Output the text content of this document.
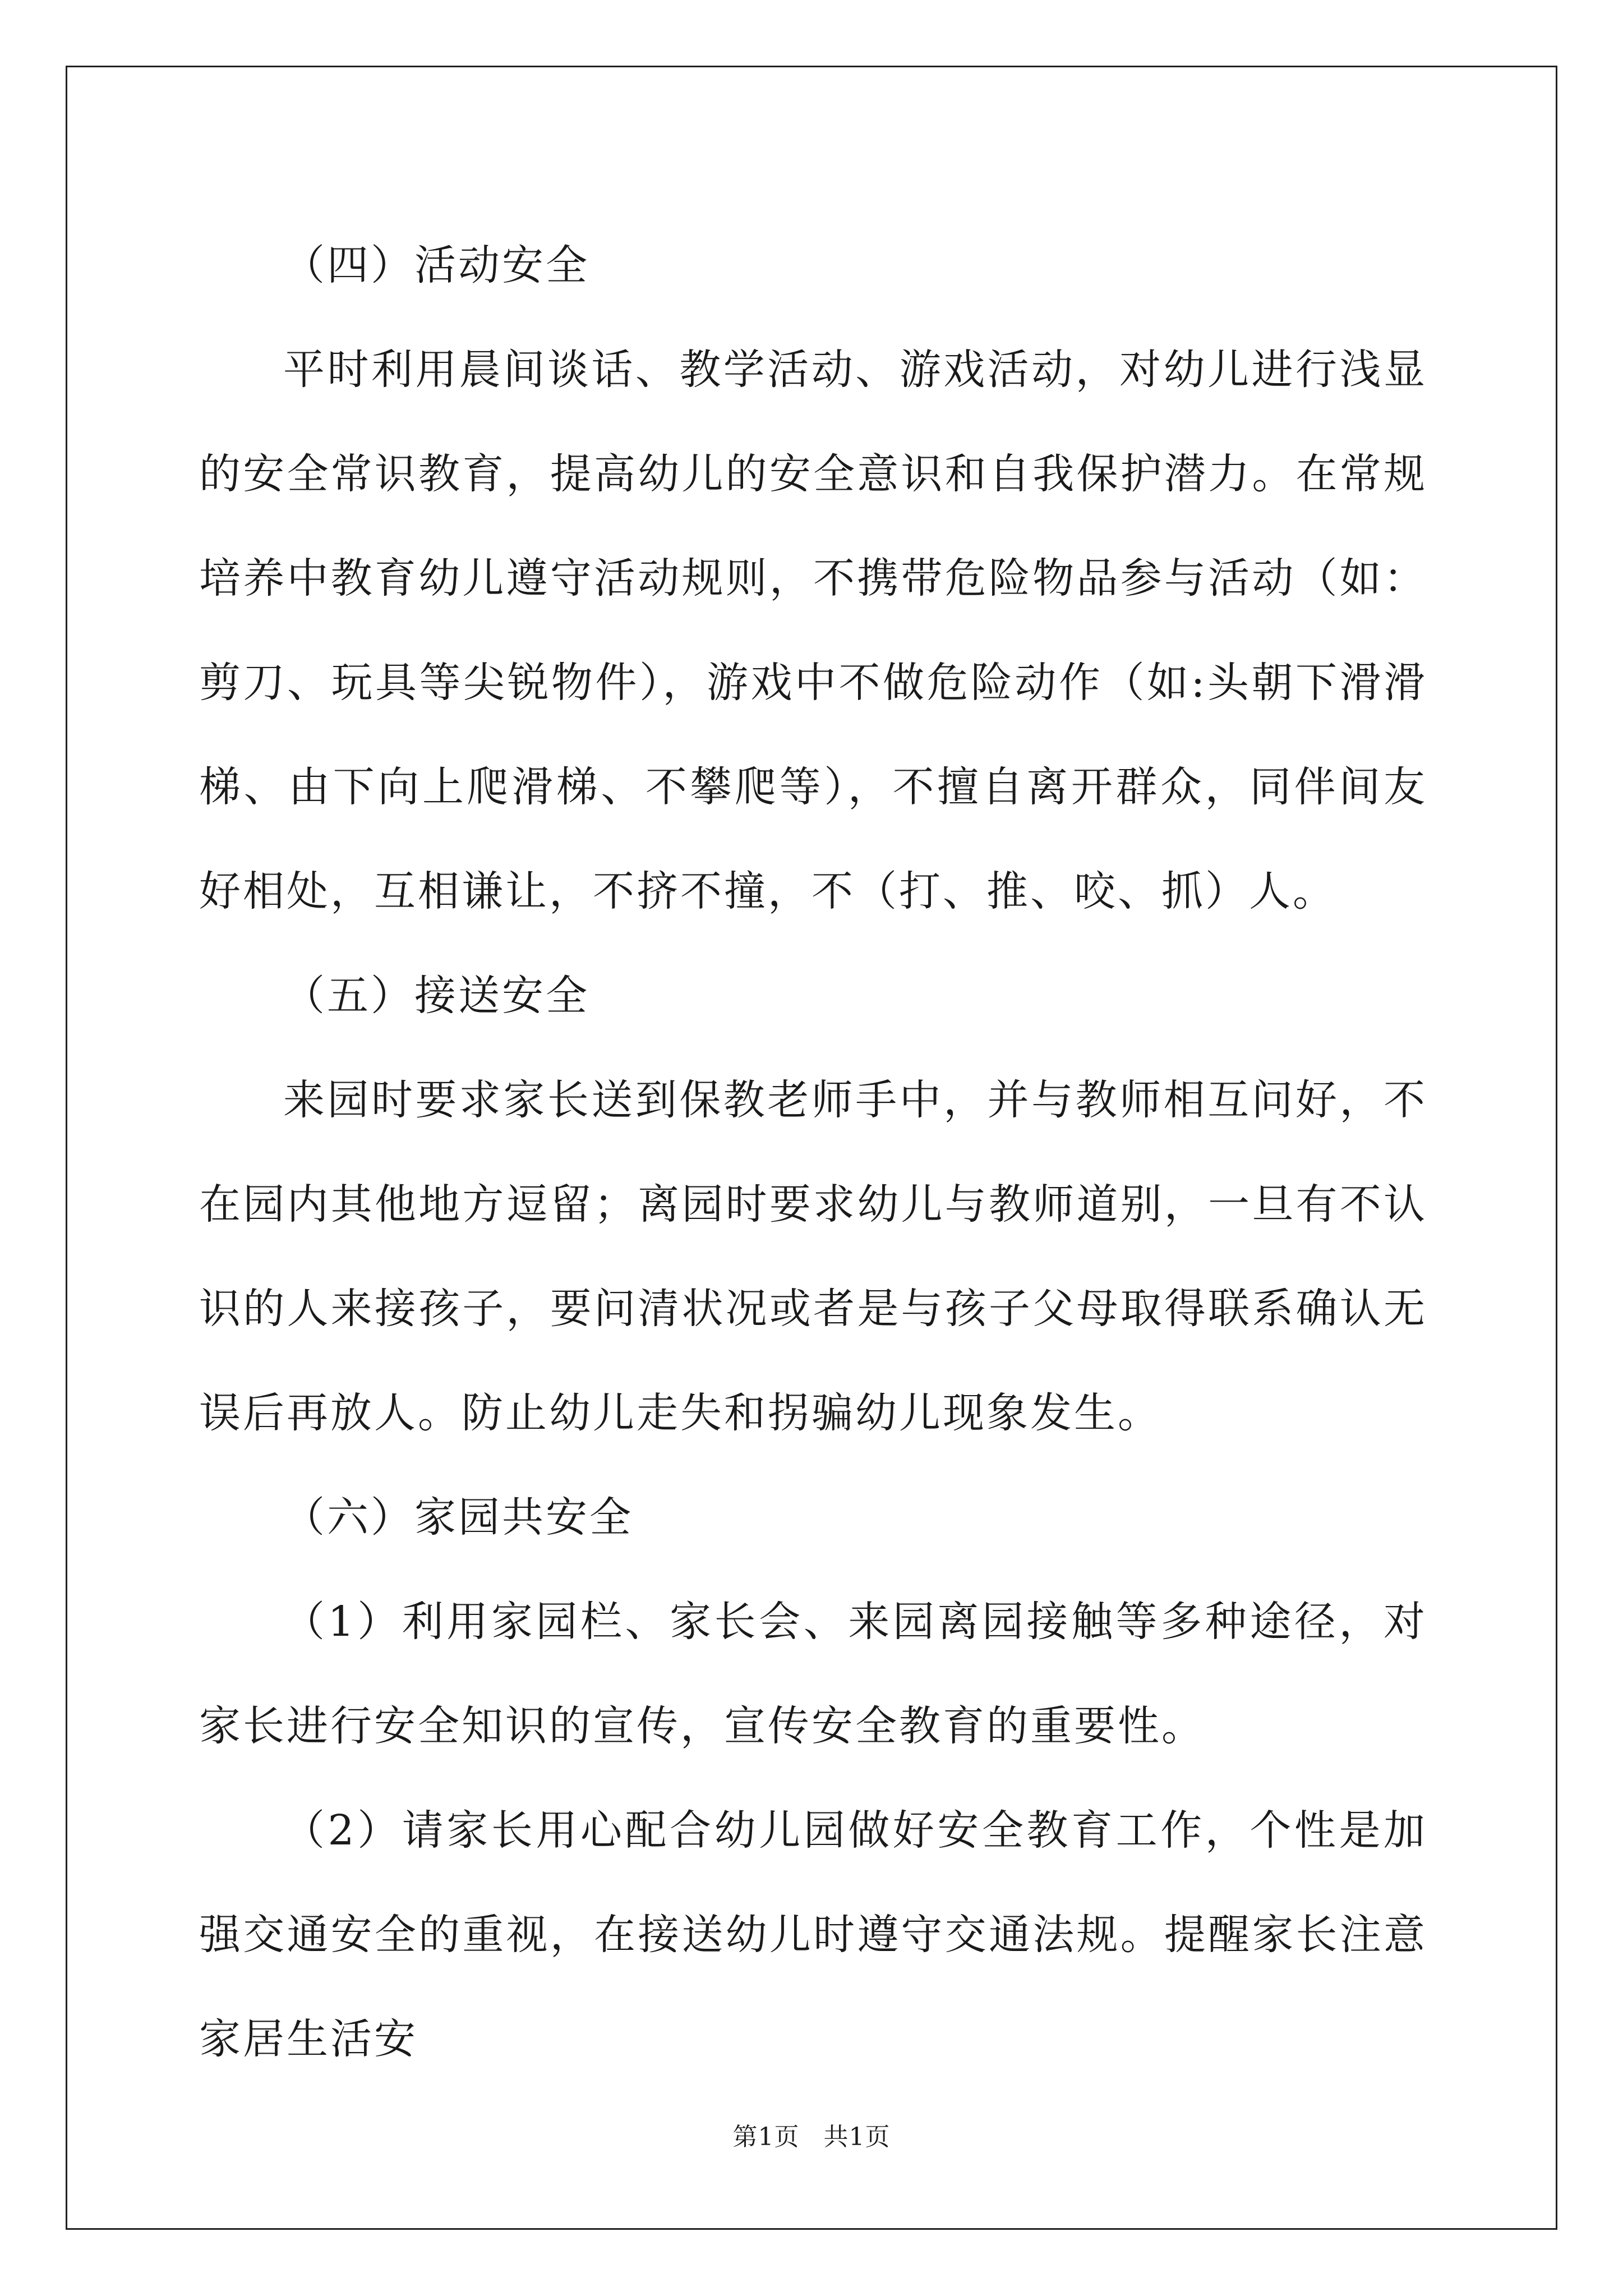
（四）活动安全

平时利用晨间谈话、教学活动、游戏活动，对幼儿进行浅显的安全常识教育，提高幼儿的安全意识和自我保护潜力。在常规培养中教育幼儿遵守活动规则，不携带危险物品参与活动（如：剪刀、玩具等尖锐物件），游戏中不做危险动作（如:头朝下滑滑梯、由下向上爬滑梯、不攀爬等），不擅自离开群众，同伴间友好相处，互相谦让，不挤不撞，不（打、推、咬、抓）人。

（五）接送安全

来园时要求家长送到保教老师手中，并与教师相互问好，不在园内其他地方逗留；离园时要求幼儿与教师道别，一旦有不认识的人来接孩子，要问清状况或者是与孩子父母取得联系确认无误后再放人。防止幼儿走失和拐骗幼儿现象发生。

（六）家园共安全

（1）利用家园栏、家长会、来园离园接触等多种途径，对家长进行安全知识的宣传，宣传安全教育的重要性。

（2）请家长用心配合幼儿园做好安全教育工作，个性是加强交通安全的重视，在接送幼儿时遵守交通法规。提醒家长注意家居生活安

第1页 共1页
